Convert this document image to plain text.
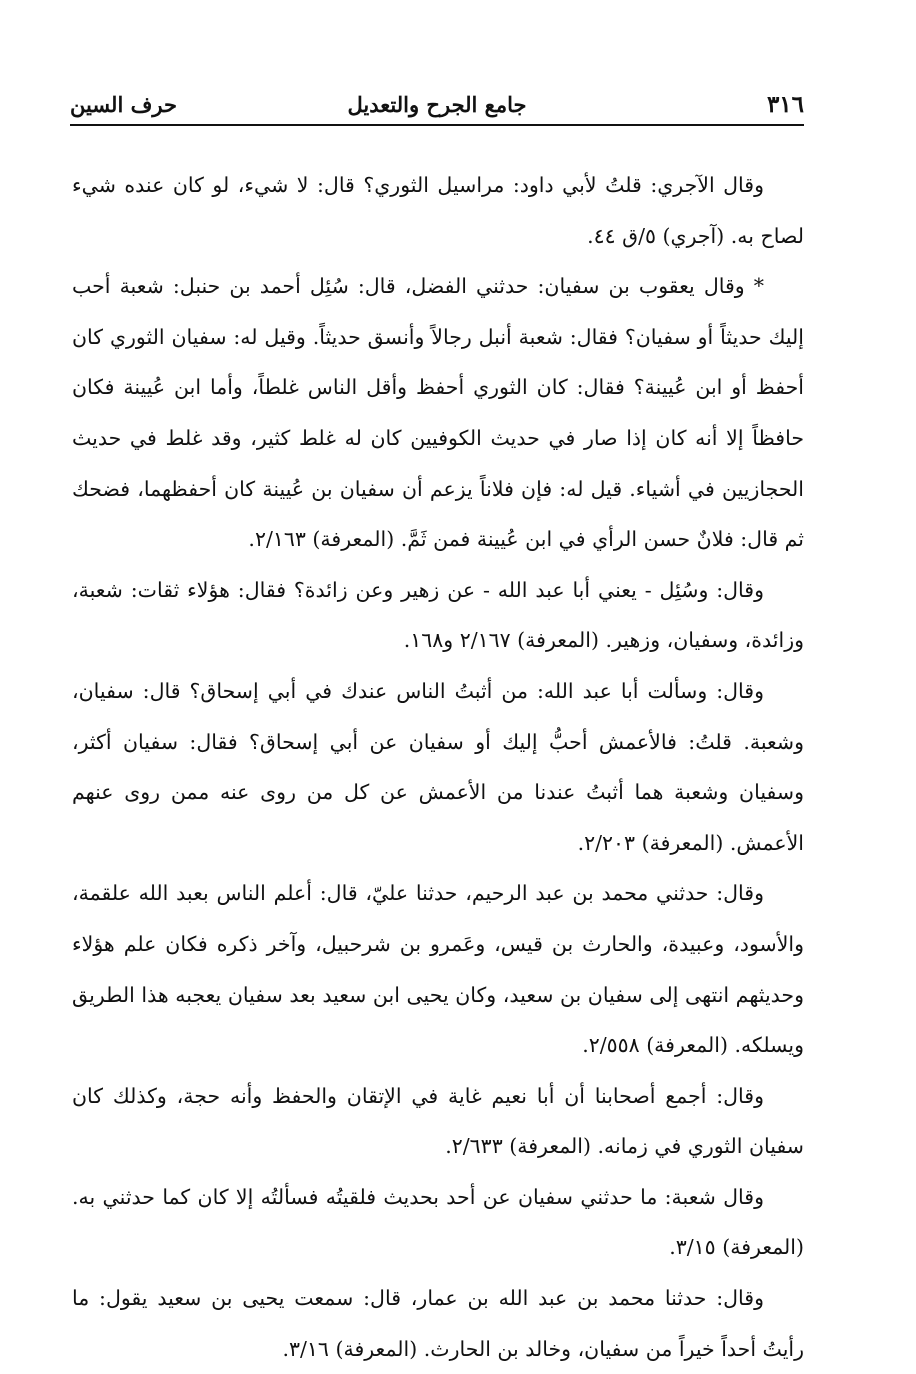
٣١٦
جامع الجرح والتعديل
حرف السين

وقال الآجري: قلتُ لأبي داود: مراسيل الثوري؟ قال: لا شيء، لو كان عنده شيء لصاح به. (آجري) ٥/ق ٤٤.

* وقال يعقوب بن سفيان: حدثني الفضل، قال: سُئِل أحمد بن حنبل: شعبة أحب إليك حديثاً أو سفيان؟ فقال: شعبة أنبل رجالاً وأنسق حديثاً. وقيل له: سفيان الثوري كان أحفظ أو ابن عُيينة؟ فقال: كان الثوري أحفظ وأقل الناس غلطاً، وأما ابن عُيينة فكان حافظاً إلا أنه كان إذا صار في حديث الكوفيين كان له غلط كثير، وقد غلط في حديث الحجازيين في أشياء. قيل له: فإن فلاناً يزعم أن سفيان بن عُيينة كان أحفظهما، فضحك ثم قال: فلانٌ حسن الرأي في ابن عُيينة فمن ثَمَّ. (المعرفة) ٢/١٦٣.

وقال: وسُئِل - يعني أبا عبد الله - عن زهير وعن زائدة؟ فقال: هؤلاء ثقات: شعبة، وزائدة، وسفيان، وزهير. (المعرفة) ٢/١٦٧ و١٦٨.

وقال: وسألت أبا عبد الله: من أثبتُ الناس عندك في أبي إسحاق؟ قال: سفيان، وشعبة. قلتُ: فالأعمش أحبُّ إليك أو سفيان عن أبي إسحاق؟ فقال: سفيان أكثر، وسفيان وشعبة هما أثبتُ عندنا من الأعمش عن كل من روى عنه ممن روى عنهم الأعمش. (المعرفة) ٢/٢٠٣.

وقال: حدثني محمد بن عبد الرحيم، حدثنا عليّ، قال: أعلم الناس بعبد الله علقمة، والأسود، وعبيدة، والحارث بن قيس، وعَمرو بن شرحبيل، وآخر ذكره فكان علم هؤلاء وحديثهم انتهى إلى سفيان بن سعيد، وكان يحيى ابن سعيد بعد سفيان يعجبه هذا الطريق ويسلكه. (المعرفة) ٢/٥٥٨.

وقال: أجمع أصحابنا أن أبا نعيم غاية في الإتقان والحفظ وأنه حجة، وكذلك كان سفيان الثوري في زمانه. (المعرفة) ٢/٦٣٣.

وقال شعبة: ما حدثني سفيان عن أحد بحديث فلقيتُه فسألتُه إلا كان كما حدثني به. (المعرفة) ٣/١٥.

وقال: حدثنا محمد بن عبد الله بن عمار، قال: سمعت يحيى بن سعيد يقول: ما رأيتُ أحداً خيراً من سفيان، وخالد بن الحارث. (المعرفة) ٣/١٦.
